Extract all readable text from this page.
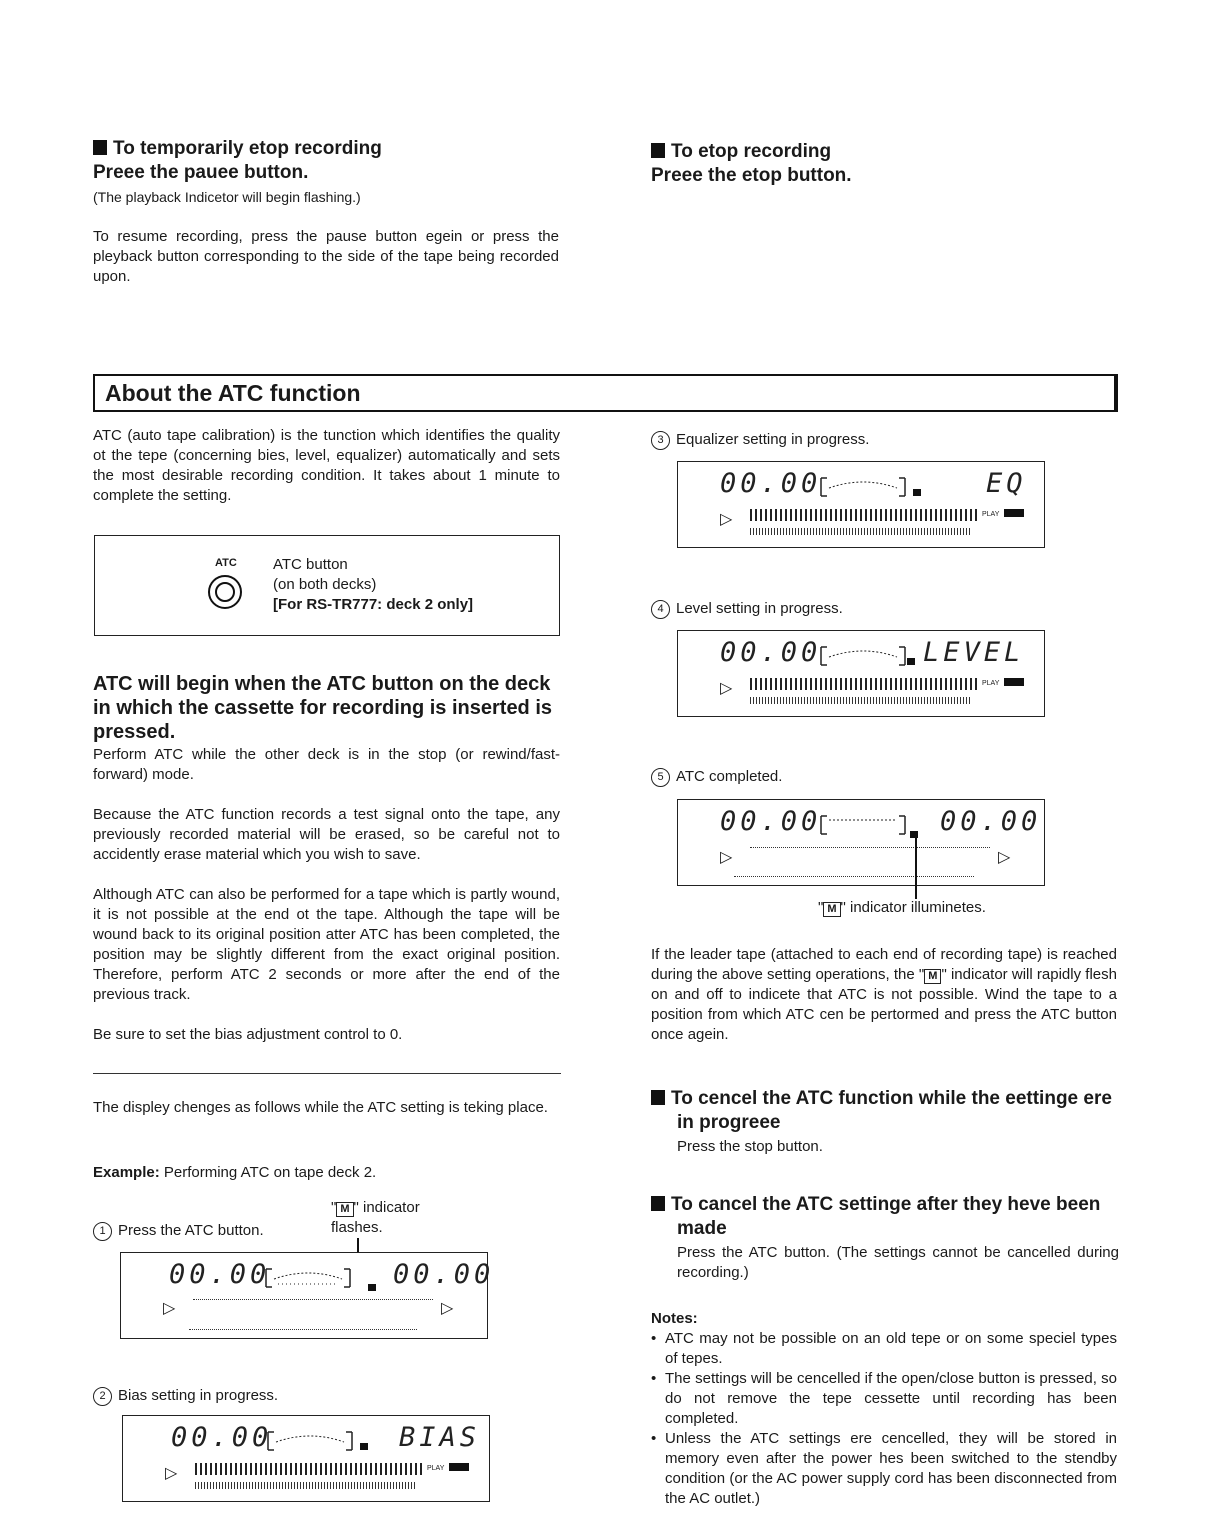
To temporarily etop recording
Preee the pauee button.
(The playback Indicetor will begin flashing.)
To resume recording, press the pause button egein or press the pleyback button corresponding to the side of the tape being recorded upon.
To etop recording
Preee the etop button.
About the ATC function
ATC (auto tape calibration) is the tunction which identifies the quality ot the tepe (concerning bies, level, equalizer) automatically and sets the most desirable recording condition. It takes about 1 minute to complete the setting.
ATC ATC button
(on both decks)
[For RS-TR777: deck 2 only]
ATC will begin when the ATC button on the deck in which the cassette for recording is inserted is pressed.
Perform ATC while the other deck is in the stop (or rewind/fast-forward) mode.
Because the ATC function records a test signal onto the tape, any previously recorded material will be erased, so be careful not to accidently erase material which you wish to save.
Although ATC can also be performed for a tape which is partly wound, it is not possible at the end ot the tape. Although the tape will be wound back to its original position atter ATC has been completed, the position may be slightly different from the exact original position. Therefore, perform ATC 2 seconds or more after the end of the previous track.
Be sure to set the bias adjustment control to 0.
The displey chenges as follows while the ATC setting is teking place.
Example: Performing ATC on tape deck 2.
1 Press the ATC button.
" M " indicator
flashes.
00.00	00.00
▷	▷
2 Bias setting in progress.
00.00	BIAS
▷	PLAY
3 Equalizer setting in progress.
00.00	EQ
▷	PLAY
4 Level setting in progress.
00.00	LEVEL
▷	PLAY
5 ATC completed.
00.00	00.00
▷	▷
" M " indicator illuminetes.
If the leader tape (attached to each end of recording tape) is reached during the above setting operations, the " M " indicator will rapidly flesh on and off to indicete that ATC is not possible. Wind the tape to a position from which ATC cen be pertormed and press the ATC button once agein.
To cencel the ATC function while the eettinge ere in progreee
Press the stop button.
To cancel the ATC settinge after they heve been made
Press the ATC button. (The settings cannot be cancelled during recording.)
Notes:
• ATC may not be possible on an old tepe or on some speciel types of tepes.
• The settings will be cencelled if the open/close button is pressed, so do not remove the tepe cessette until recording has been completed.
• Unless the ATC settings ere cencelled, they will be stored in memory even after the power hes been switched to the stendby condition (or the AC power supply cord has been disconnected from the AC outlet.)
